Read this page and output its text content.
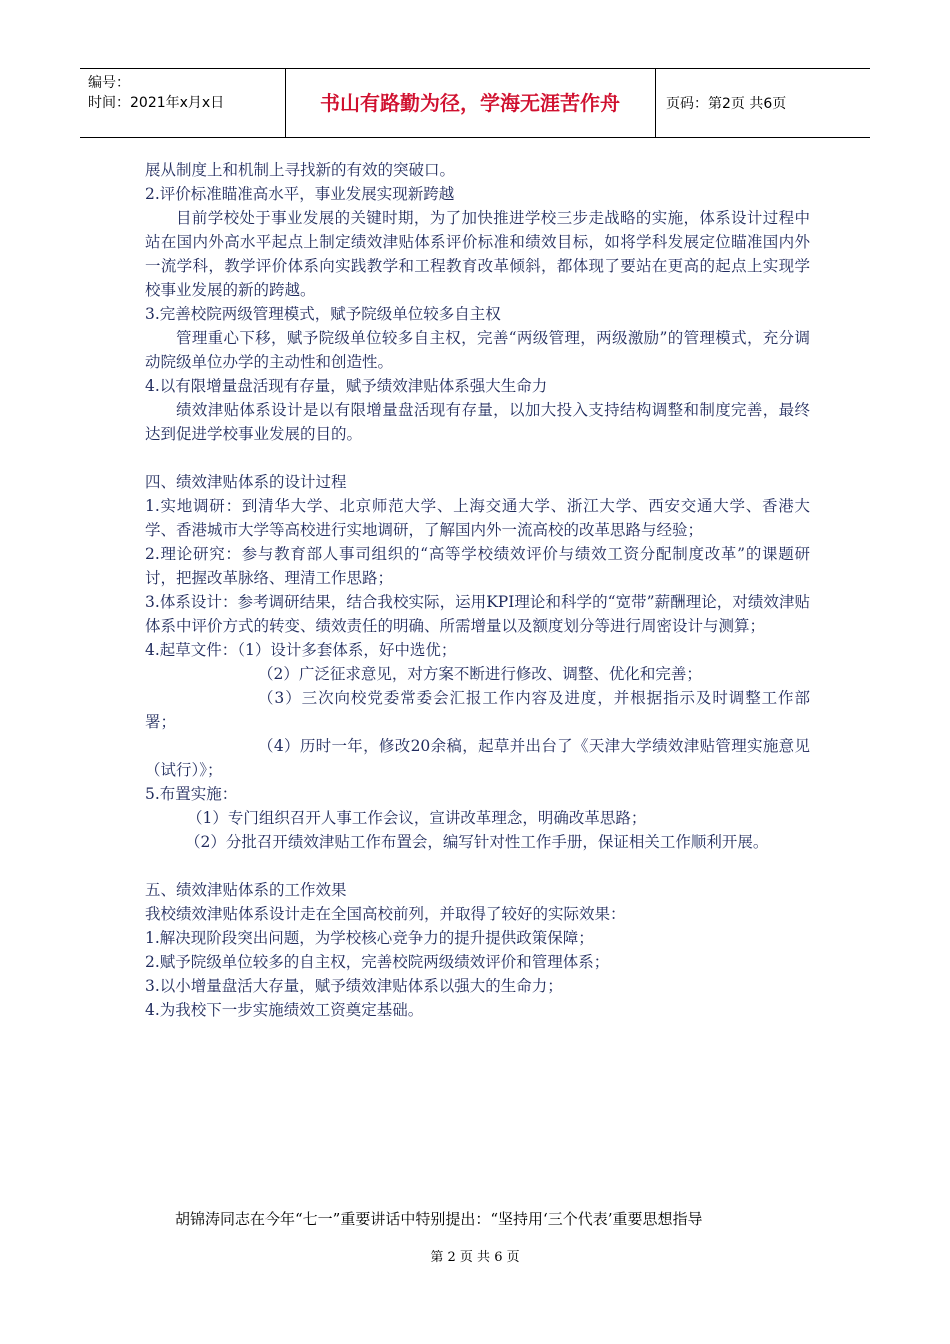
编号：
时间：2021年x月x日	书山有路勤为径，学海无涯苦作舟	页码：第2页 共6页

展从制度上和机制上寻找新的有效的突破口。

2.评价标准瞄准高水平，事业发展实现新跨越

目前学校处于事业发展的关键时期，为了加快推进学校三步走战略的实施，体系设计过程中站在国内外高水平起点上制定绩效津贴体系评价标准和绩效目标，如将学科发展定位瞄准国内外一流学科，教学评价体系向实践教学和工程教育改革倾斜，都体现了要站在更高的起点上实现学校事业发展的新的跨越。

3.完善校院两级管理模式，赋予院级单位较多自主权

管理重心下移，赋予院级单位较多自主权，完善“两级管理，两级激励”的管理模式，充分调动院级单位办学的主动性和创造性。

4.以有限增量盘活现有存量，赋予绩效津贴体系强大生命力

绩效津贴体系设计是以有限增量盘活现有存量，以加大投入支持结构调整和制度完善，最终达到促进学校事业发展的目的。

四、绩效津贴体系的设计过程

1.实地调研：到清华大学、北京师范大学、上海交通大学、浙江大学、西安交通大学、香港大学、香港城市大学等高校进行实地调研，了解国内外一流高校的改革思路与经验；

2.理论研究：参与教育部人事司组织的“高等学校绩效评价与绩效工资分配制度改革”的课题研讨，把握改革脉络、理清工作思路；

3.体系设计：参考调研结果，结合我校实际，运用KPI理论和科学的“宽带”薪酬理论，对绩效津贴体系中评价方式的转变、绩效责任的明确、所需增量以及额度划分等进行周密设计与测算；

4.起草文件：（1）设计多套体系，好中选优；

（2）广泛征求意见，对方案不断进行修改、调整、优化和完善；

（3）三次向校党委常委会汇报工作内容及进度，并根据指示及时调整工作部署；

（4）历时一年，修改20余稿，起草并出台了《天津大学绩效津贴管理实施意见（试行）》；

5.布置实施：

（1）专门组织召开人事工作会议，宣讲改革理念，明确改革思路；

（2）分批召开绩效津贴工作布置会，编写针对性工作手册，保证相关工作顺利开展。

五、绩效津贴体系的工作效果

我校绩效津贴体系设计走在全国高校前列，并取得了较好的实际效果：

1.解决现阶段突出问题，为学校核心竞争力的提升提供政策保障；

2.赋予院级单位较多的自主权，完善校院两级绩效评价和管理体系；

3.以小增量盘活大存量，赋予绩效津贴体系以强大的生命力；

4.为我校下一步实施绩效工资奠定基础。

胡锦涛同志在今年“七一”重要讲话中特别提出：“坚持用‘三个代表’重要思想指导
第 2 页 共 6 页
